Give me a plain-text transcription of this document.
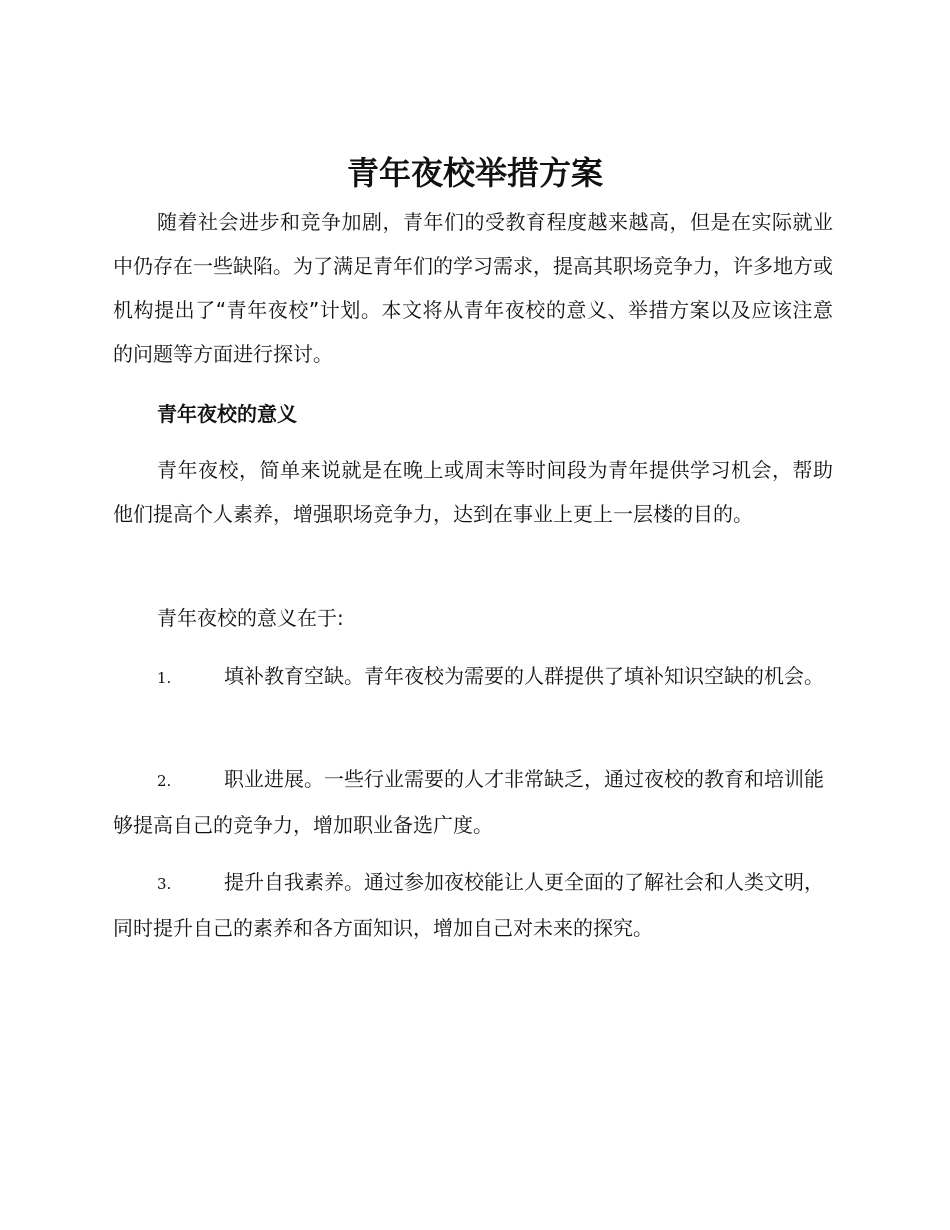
青年夜校举措方案

随着社会进步和竞争加剧，青年们的受教育程度越来越高，但是在实际就业中仍存在一些缺陷。为了满足青年们的学习需求，提高其职场竞争力，许多地方或机构提出了“青年夜校”计划。本文将从青年夜校的意义、举措方案以及应该注意的问题等方面进行探讨。

青年夜校的意义

青年夜校，简单来说就是在晚上或周末等时间段为青年提供学习机会，帮助他们提高个人素养，增强职场竞争力，达到在事业上更上一层楼的目的。

青年夜校的意义在于:

1.	填补教育空缺。青年夜校为需要的人群提供了填补知识空缺的机会。

2.	职业进展。一些行业需要的人才非常缺乏，通过夜校的教育和培训能够提高自己的竞争力，增加职业备选广度。

3.	提升自我素养。通过参加夜校能让人更全面的了解社会和人类文明，同时提升自己的素养和各方面知识，增加自己对未来的探究。
